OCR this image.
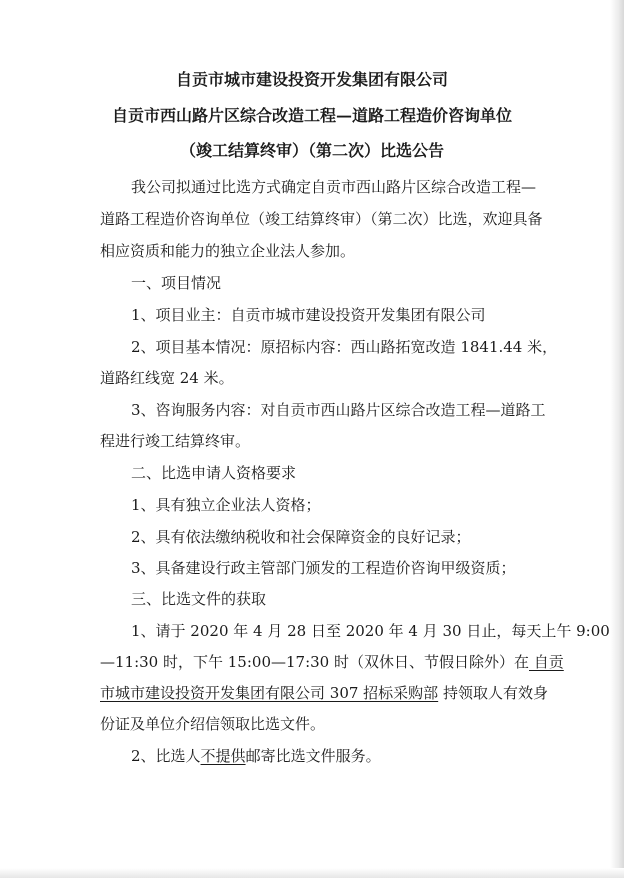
自贡市城市建设投资开发集团有限公司
自贡市西山路片区综合改造工程—道路工程造价咨询单位
（竣工结算终审）（第二次）比选公告
我公司拟通过比选方式确定自贡市西山路片区综合改造工程—
道路工程造价咨询单位（竣工结算终审）（第二次）比选，欢迎具备
相应资质和能力的独立企业法人参加。
一、项目情况
1、项目业主：自贡市城市建设投资开发集团有限公司
2、项目基本情况：原招标内容：西山路拓宽改造 1841.44 米，
道路红线宽 24 米。
3、咨询服务内容：对自贡市西山路片区综合改造工程—道路工
程进行竣工结算终审。
二、比选申请人资格要求
1、具有独立企业法人资格；
2、具有依法缴纳税收和社会保障资金的良好记录；
3、具备建设行政主管部门颁发的工程造价咨询甲级资质；
三、比选文件的获取
1、请于 2020 年 4 月 28 日至 2020 年 4 月 30 日止，每天上午 9:00
—11:30 时，下午 15:00—17:30 时（双休日、节假日除外）在 自贡
市城市建设投资开发集团有限公司 307 招标采购部 持领取人有效身
份证及单位介绍信领取比选文件。
2、比选人不提供邮寄比选文件服务。
